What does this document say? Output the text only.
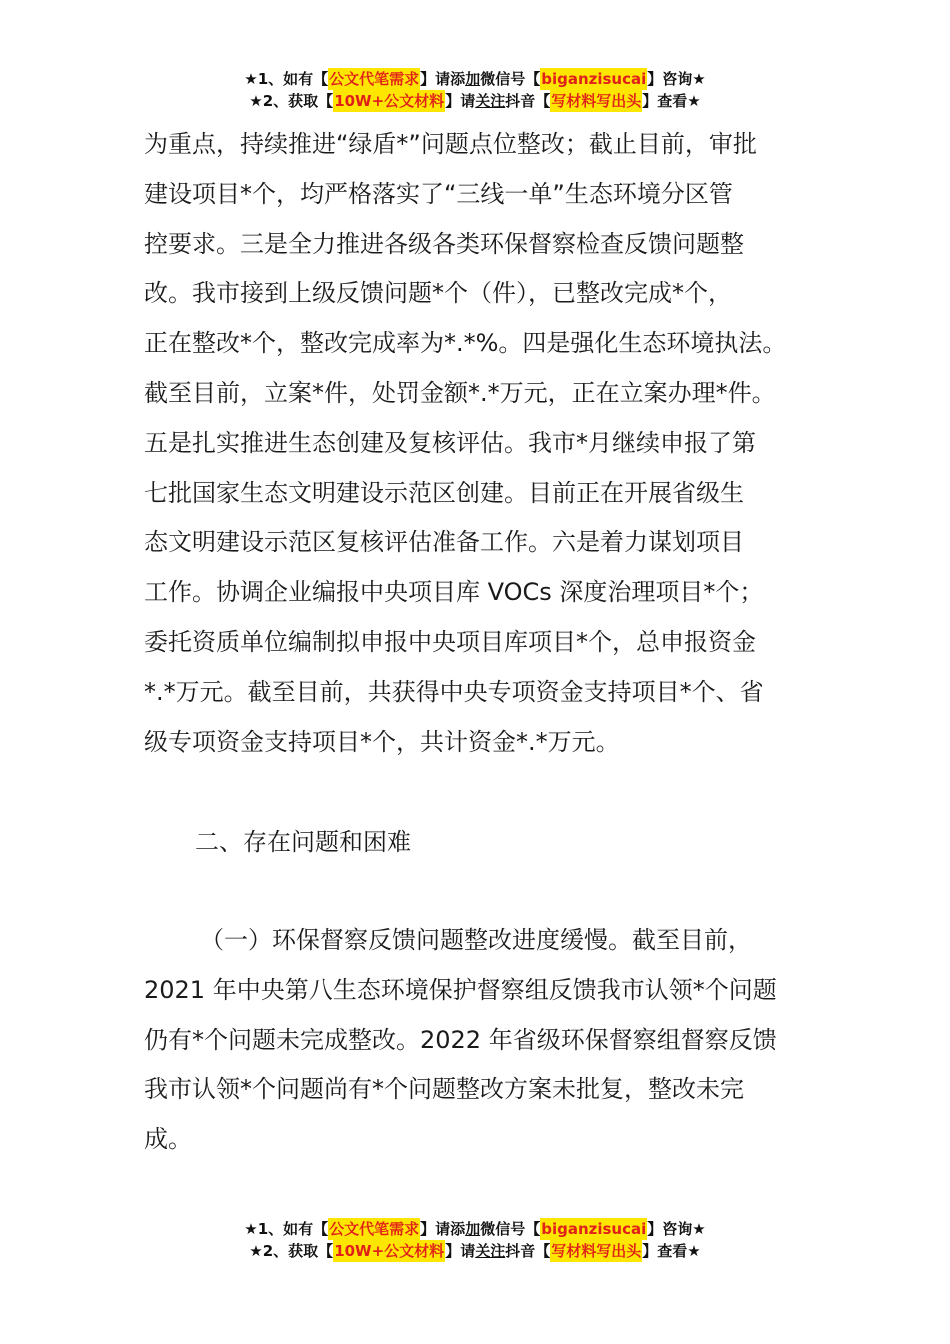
★1、如有【 公文代笔需求 】请添 加 微信号【 biganzisucai 】咨询★
★2、获取【 10W+公文材料 】请 关注 抖音【 写材料写出头 】查看★
为重点，持续推进“绿盾*”问题点位整改；截止目前，审批
建设项目*个，均严格落实了“三线一单”生态环境分区管
控要求。三是全力推进各级各类环保督察检查反馈问题整
改。我市接到上级反馈问题*个（件），已整改完成*个，
正在整改*个，整改完成率为*.*%。四是强化生态环境执法。
截至目前，立案*件，处罚金额*.*万元，正在立案办理*件。
五是扎实推进生态创建及复核评估。我市*月继续申报了第
七批国家生态文明建设示范区创建。目前正在开展省级生
态文明建设示范区复核评估准备工作。六是着力谋划项目
工作。协调企业编报中央项目库 VOCs 深度治理项目*个；
委托资质单位编制拟申报中央项目库项目*个，总申报资金
*.*万元。截至目前，共获得中央专项资金支持项目*个、省
级专项资金支持项目*个，共计资金*.*万元。
二、存在问题和困难
（一）环保督察反馈问题整改进度缓慢。截至目前，
2021 年中央第八生态环境保护督察组反馈我市认领*个问题
仍有*个问题未完成整改。2022 年省级环保督察组督察反馈
我市认领*个问题尚有*个问题整改方案未批复，整改未完
成。
★1、如有【 公文代笔需求 】请添 加 微信号【 biganzisucai 】咨询★
★2、获取【 10W+公文材料 】请 关注 抖音【 写材料写出头 】查看★
